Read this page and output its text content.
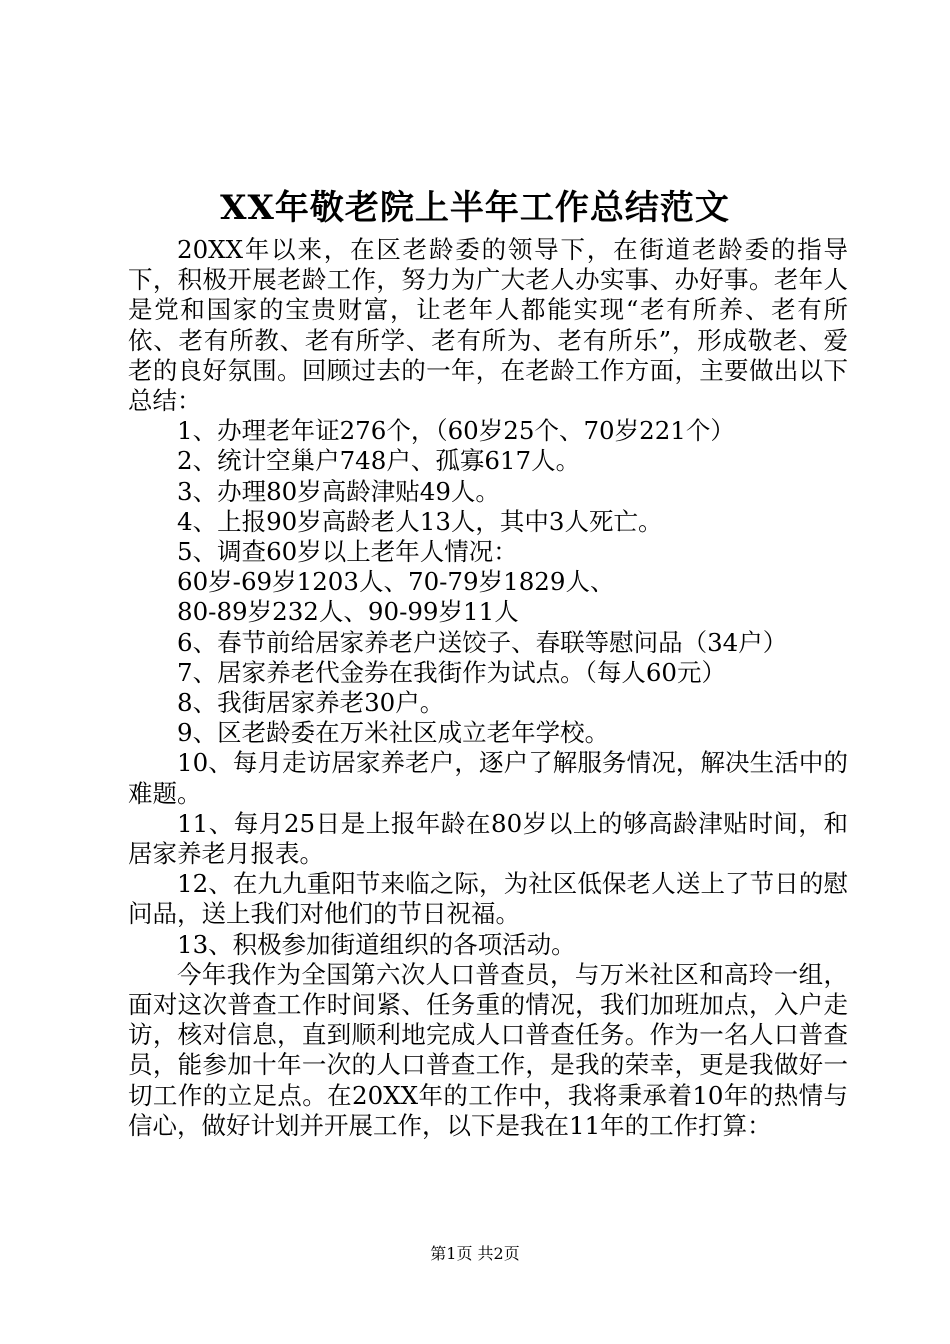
XX年敬老院上半年工作总结范文

20XX年以来，在区老龄委的领导下，在街道老龄委的指导下，积极开展老龄工作，努力为广大老人办实事、办好事。老年人是党和国家的宝贵财富，让老年人都能实现“老有所养、老有所依、老有所教、老有所学、老有所为、老有所乐”，形成敬老、爱老的良好氛围。回顾过去的一年，在老龄工作方面，主要做出以下总结：

1、办理老年证276个，（60岁25个、70岁221个）

2、统计空巢户748户、孤寡617人。

3、办理80岁高龄津贴49人。

4、上报90岁高龄老人13人，其中3人死亡。

5、调查60岁以上老年人情况：

60岁-69岁1203人、70-79岁1829人、

80-89岁232人、90-99岁11人

6、春节前给居家养老户送饺子、春联等慰问品（34户）

7、居家养老代金券在我街作为试点。（每人60元）

8、我街居家养老30户。

9、区老龄委在万米社区成立老年学校。

10、每月走访居家养老户，逐户了解服务情况，解决生活中的难题。

11、每月25日是上报年龄在80岁以上的够高龄津贴时间，和居家养老月报表。

12、在九九重阳节来临之际，为社区低保老人送上了节日的慰问品，送上我们对他们的节日祝福。

13、积极参加街道组织的各项活动。

今年我作为全国第六次人口普查员，与万米社区和高玲一组，面对这次普查工作时间紧、任务重的情况，我们加班加点，入户走访，核对信息，直到顺利地完成人口普查任务。作为一名人口普查员，能参加十年一次的人口普查工作，是我的荣幸，更是我做好一切工作的立足点。在20XX年的工作中，我将秉承着10年的热情与信心，做好计划并开展工作，以下是我在11年的工作打算：

第1页 共2页
